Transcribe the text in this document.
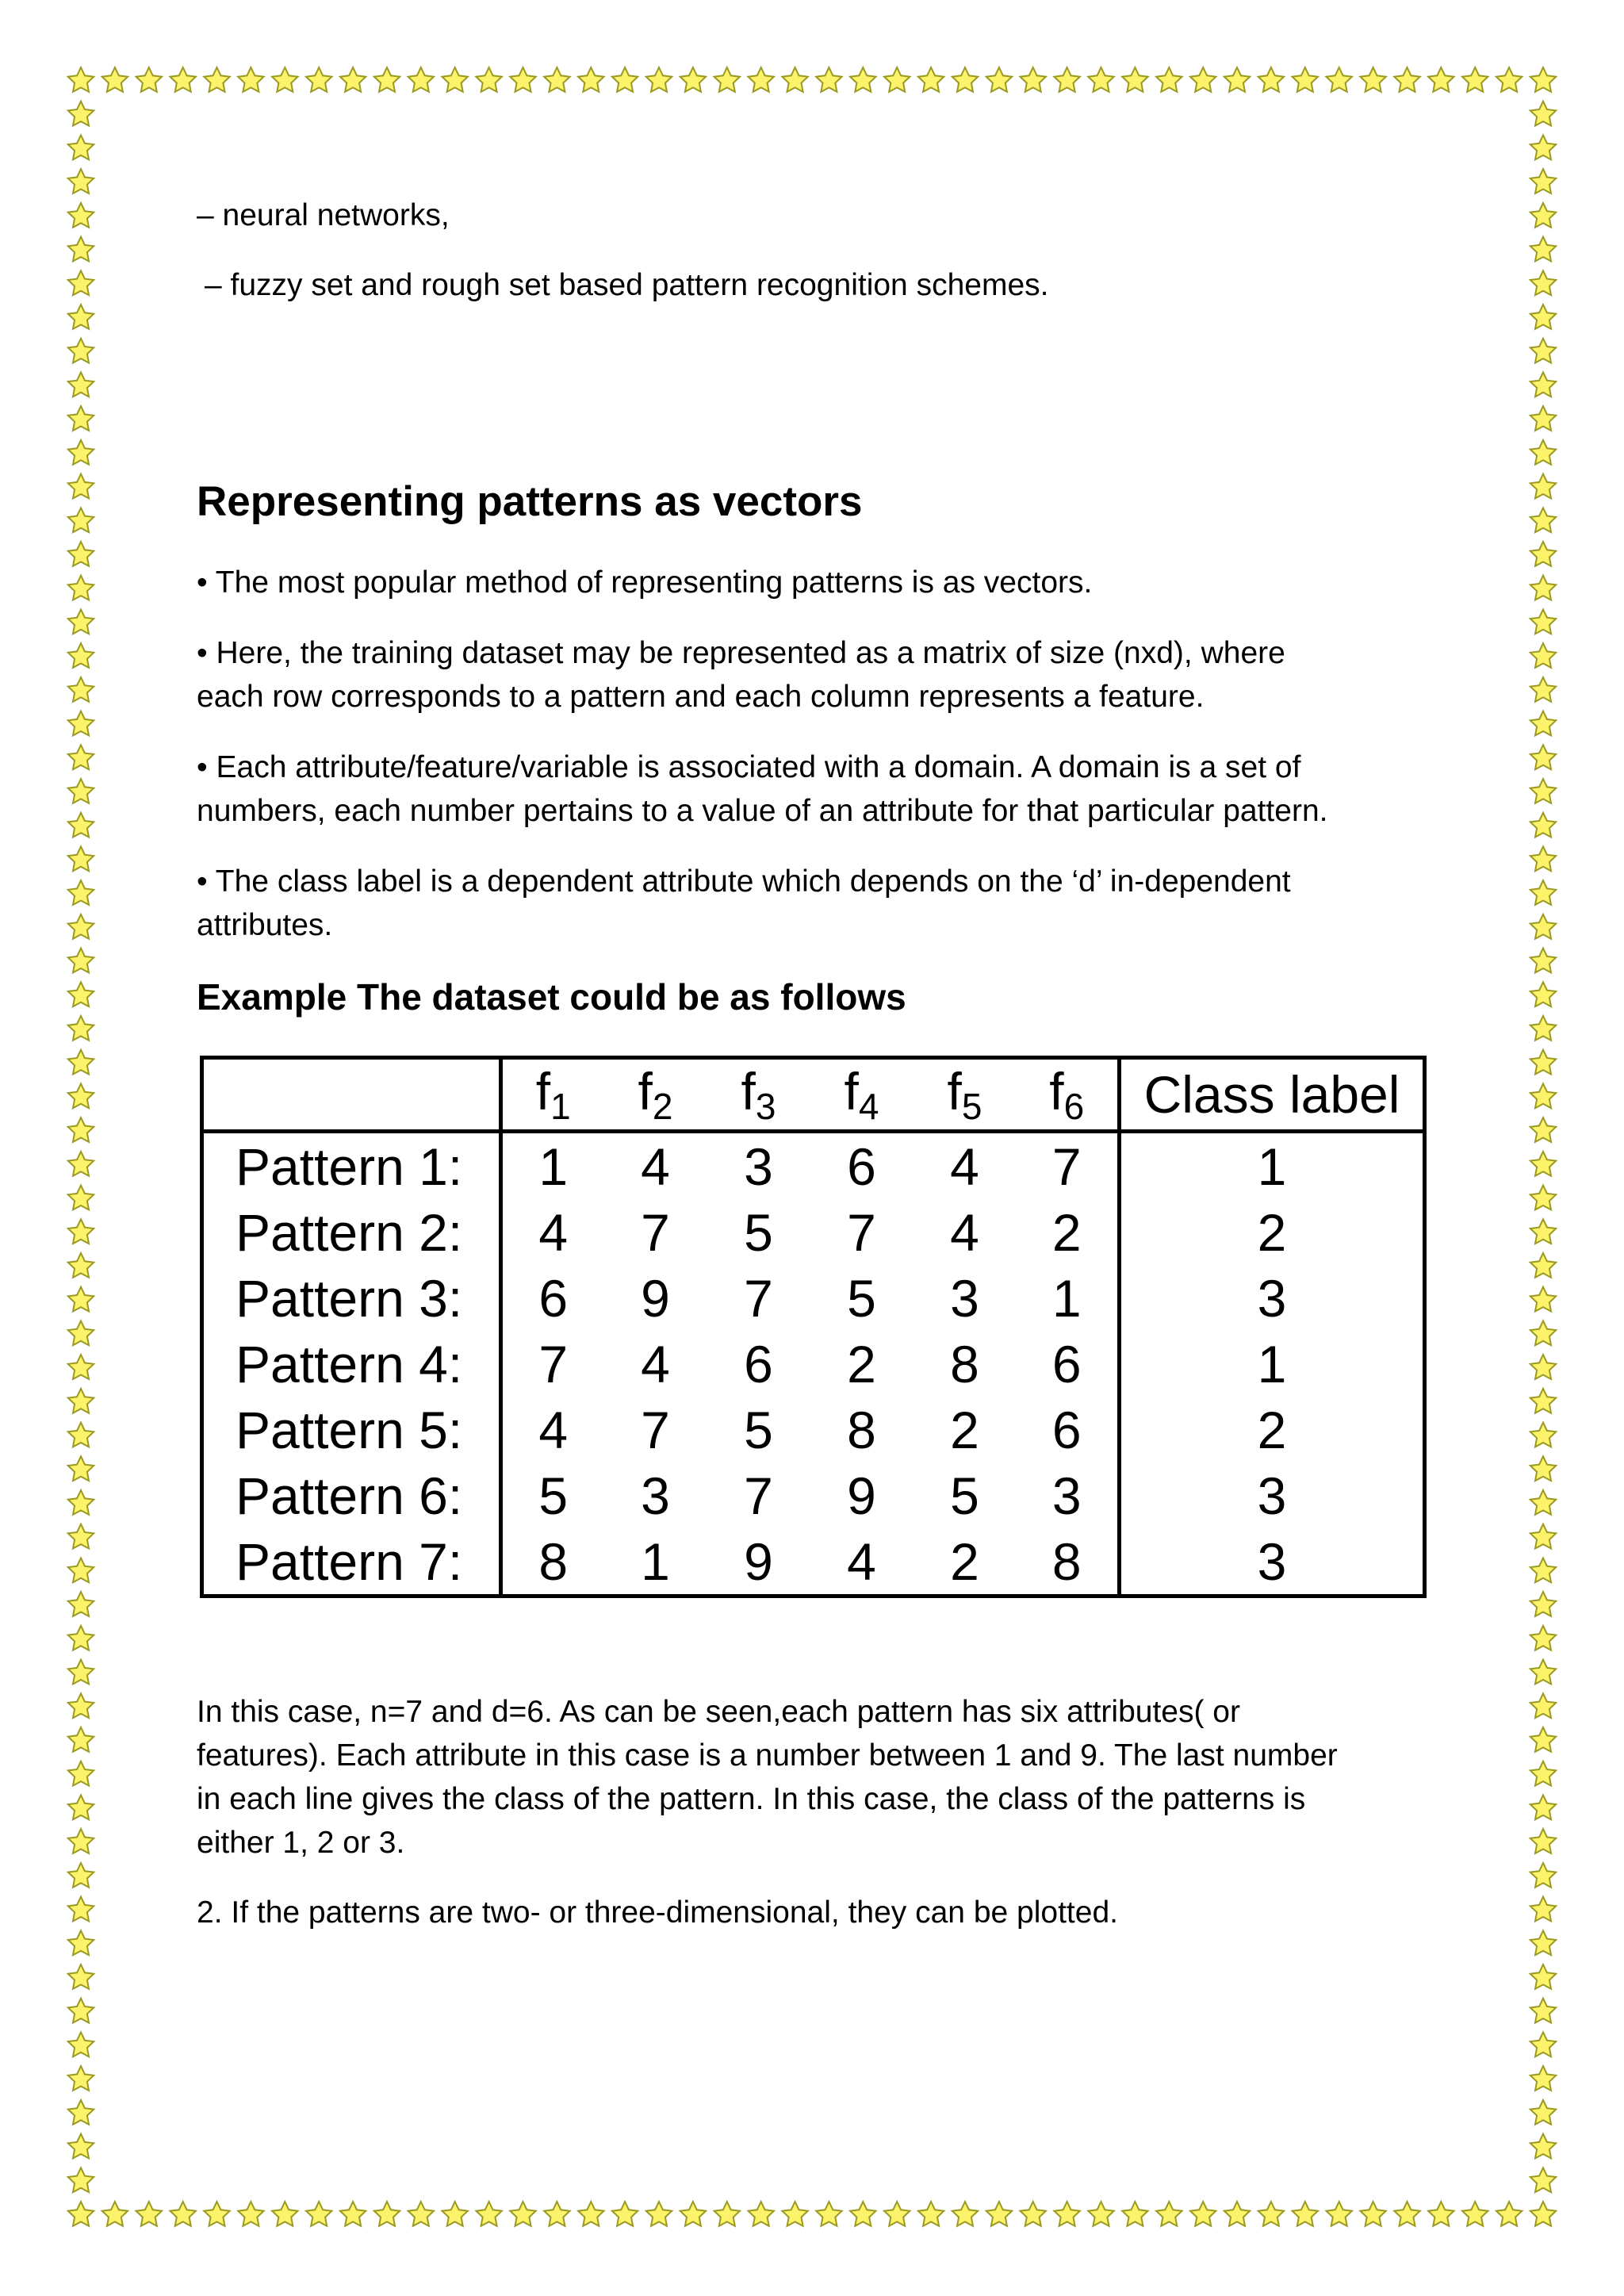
– neural networks,

– fuzzy set and rough set based pattern recognition schemes.

Representing patterns as vectors

• The most popular method of representing patterns is as vectors.

• Here, the training dataset may be represented as a matrix of size (nxd), where

each row corresponds to a pattern and each column represents a feature.

• Each attribute/feature/variable is associated with a domain. A domain is a set of

numbers, each number pertains to a value of an attribute for that particular pattern.

• The class label is a dependent attribute which depends on the ‘d’ in-dependent

attributes.

Example The dataset could be as follows
	$f_1$	$f_2$	$f_3$	$f_4$	$f_5$	$f_6$	Class label
Pattern 1:	1	4	3	6	4	7	1
Pattern 2:	4	7	5	7	4	2	2
Pattern 3:	6	9	7	5	3	1	3
Pattern 4:	7	4	6	2	8	6	1
Pattern 5:	4	7	5	8	2	6	2
Pattern 6:	5	3	7	9	5	3	3
Pattern 7:	8	1	9	4	2	8	3

In this case, n=7 and d=6. As can be seen,each pattern has six attributes( or

features). Each attribute in this case is a number between 1 and 9. The last number

in each line gives the class of the pattern. In this case, the class of the patterns is

either 1, 2 or 3.

2. If the patterns are two- or three-dimensional, they can be plotted.
